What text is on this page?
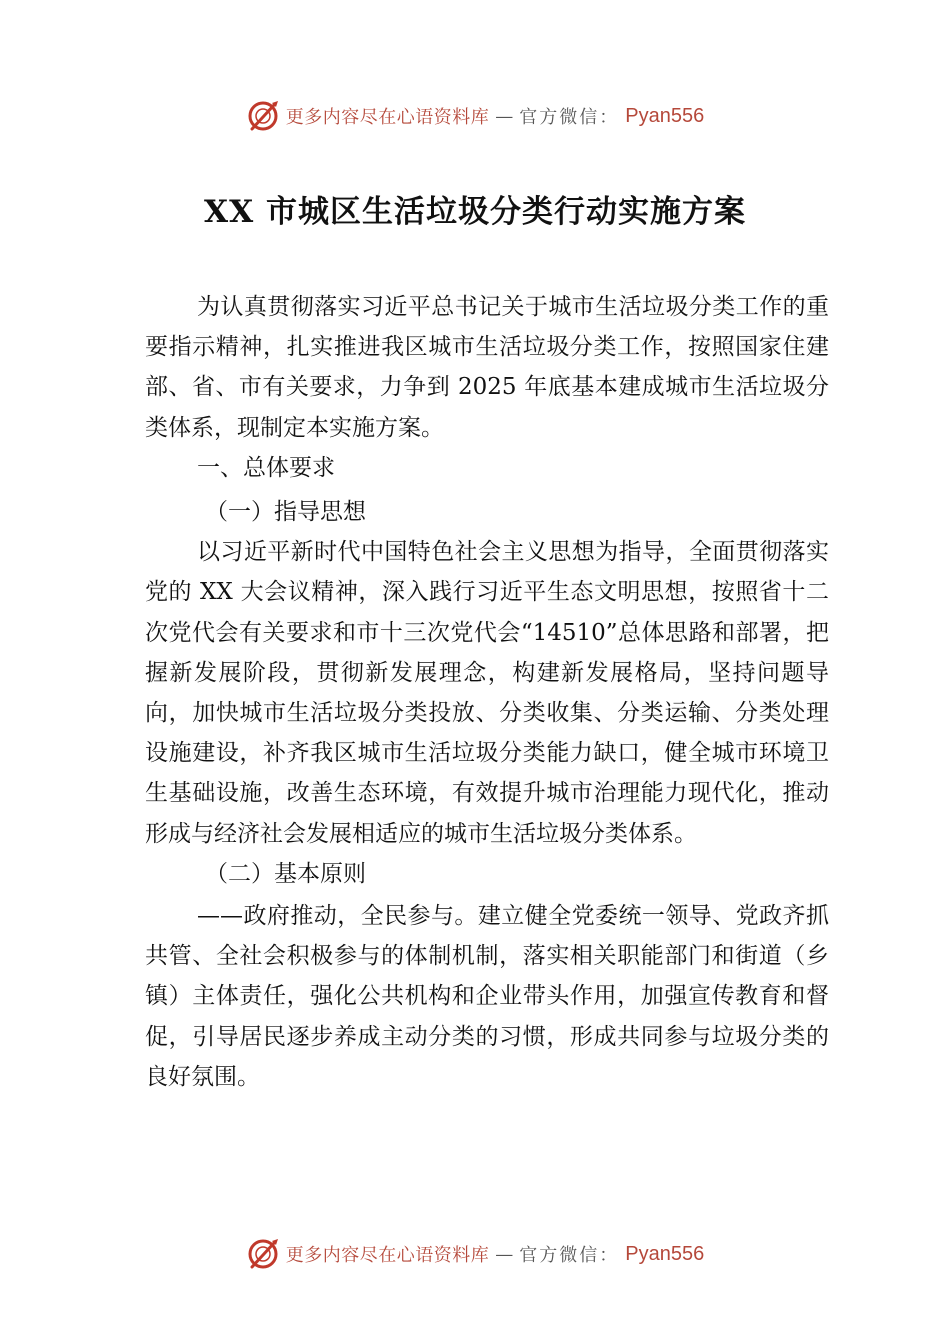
更多内容尽在心语资料库 — 官方微信： Pyan556
XX 市城区生活垃圾分类行动实施方案

为认真贯彻落实习近平总书记关于城市生活垃圾分类工作的重要指示精神，扎实推进我区城市生活垃圾分类工作，按照国家住建部、省、市有关要求，力争到 2025 年底基本建成城市生活垃圾分类体系，现制定本实施方案。

一、总体要求

（一）指导思想

以习近平新时代中国特色社会主义思想为指导，全面贯彻落实党的 XX 大会议精神，深入践行习近平生态文明思想，按照省十二次党代会有关要求和市十三次党代会“14510”总体思路和部署，把握新发展阶段，贯彻新发展理念，构建新发展格局，坚持问题导向，加快城市生活垃圾分类投放、分类收集、分类运输、分类处理设施建设，补齐我区城市生活垃圾分类能力缺口，健全城市环境卫生基础设施，改善生态环境，有效提升城市治理能力现代化，推动形成与经济社会发展相适应的城市生活垃圾分类体系。

（二）基本原则

——政府推动，全民参与。建立健全党委统一领导、党政齐抓共管、全社会积极参与的体制机制，落实相关职能部门和街道（乡镇）主体责任，强化公共机构和企业带头作用，加强宣传教育和督促，引导居民逐步养成主动分类的习惯，形成共同参与垃圾分类的良好氛围。

更多内容尽在心语资料库 — 官方微信： Pyan556
